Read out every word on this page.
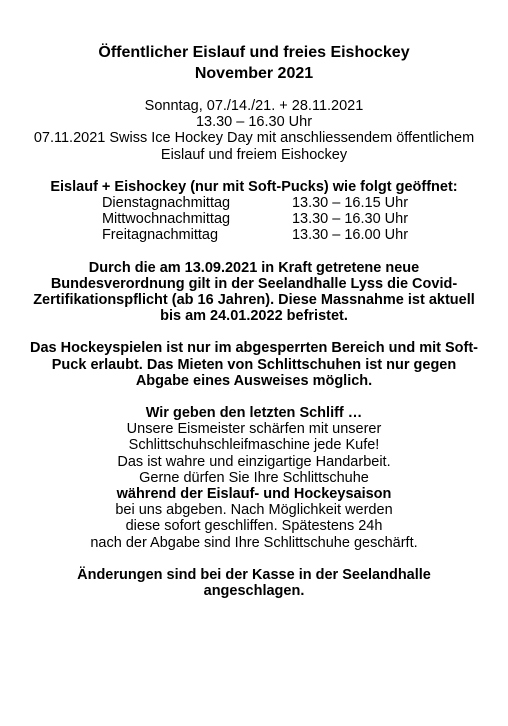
Öffentlicher Eislauf und freies Eishockey
November 2021
Sonntag, 07./14./21. + 28.11.2021
13.30 – 16.30 Uhr
07.11.2021 Swiss Ice Hockey Day mit anschliessendem öffentlichem
Eislauf und freiem Eishockey
Eislauf + Eishockey (nur mit Soft-Pucks) wie folgt geöffnet:
Dienstagnachmittag	13.30 – 16.15 Uhr
Mittwochnachmittag	13.30 – 16.30 Uhr
Freitagnachmittag	13.30 – 16.00 Uhr
Durch die am 13.09.2021 in Kraft getretene neue
Bundesverordnung gilt in der Seelandhalle Lyss die Covid-
Zertifikationspflicht (ab 16 Jahren). Diese Massnahme ist aktuell
bis am 24.01.2022 befristet.
Das Hockeyspielen ist nur im abgesperrten Bereich und mit Soft-
Puck erlaubt. Das Mieten von Schlittschuhen ist nur gegen
Abgabe eines Ausweises möglich.
Wir geben den letzten Schliff …
Unsere Eismeister schärfen mit unserer
Schlittschuhschleifmaschine jede Kufe!
Das ist wahre und einzigartige Handarbeit.
Gerne dürfen Sie Ihre Schlittschuhe
während der Eislauf- und Hockeysaison
bei uns abgeben. Nach Möglichkeit werden
diese sofort geschliffen. Spätestens 24h
nach der Abgabe sind Ihre Schlittschuhe geschärft.
Änderungen sind bei der Kasse in der Seelandhalle
angeschlagen.
